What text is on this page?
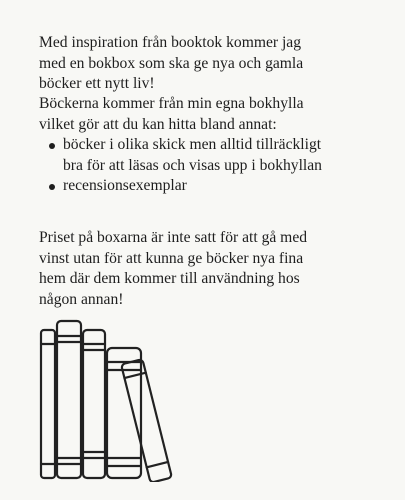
Med inspiration från booktok kommer jag
med en bokbox som ska ge nya och gamla
böcker ett nytt liv!

Böckerna kommer från min egna bokhylla
vilket gör att du kan hitta bland annat:

böcker i olika skick men alltid tillräckligt
bra för att läsas och visas upp i bokhyllan
recensionsexemplar

Priset på boxarna är inte satt för att gå med
vinst utan för att kunna ge böcker nya fina
hem där dem kommer till användning hos
någon annan!
